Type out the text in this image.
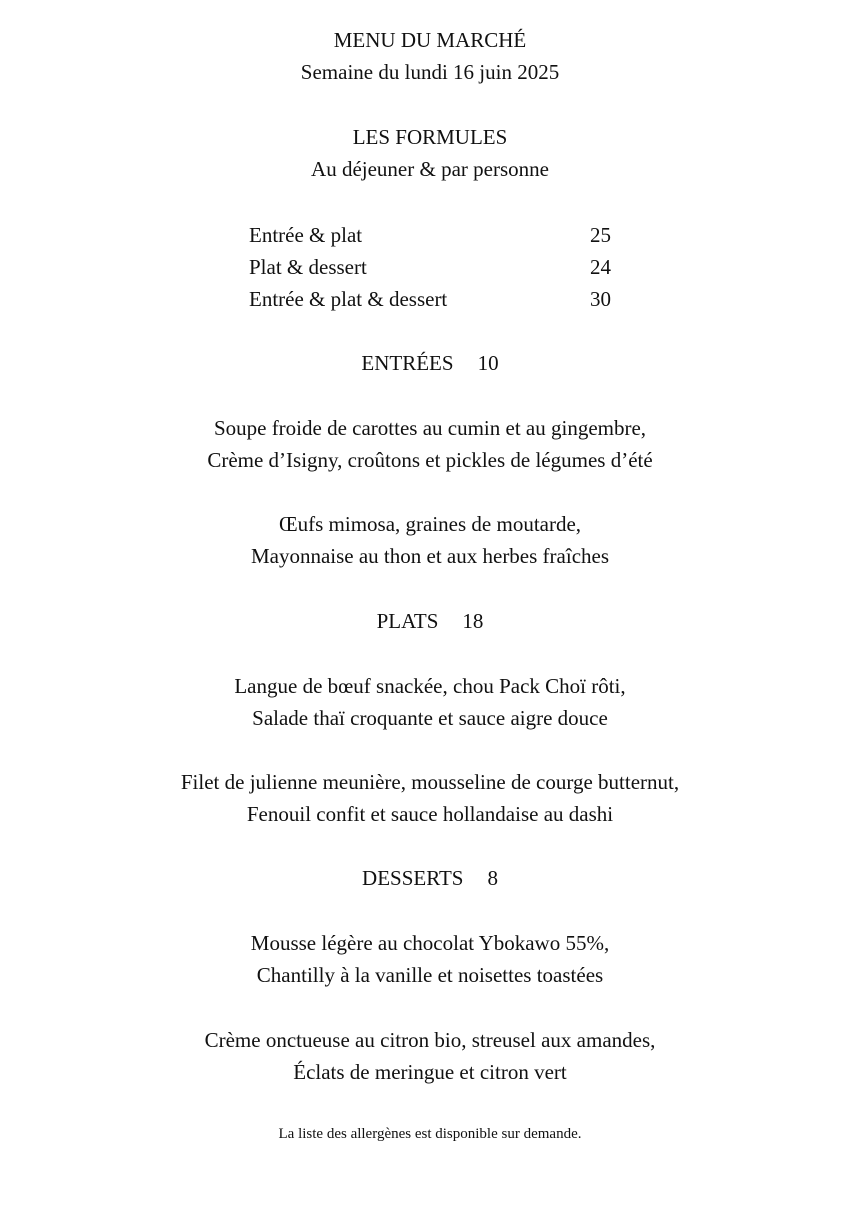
MENU DU MARCHÉ
Semaine du lundi 16 juin 2025
LES FORMULES
Au déjeuner & par personne
Entrée & plat	25
Plat & dessert	24
Entrée & plat & dessert	30
ENTRÉES 10
Soupe froide de carottes au cumin et au gingembre,
Crème d’Isigny, croûtons et pickles de légumes d’été
Œufs mimosa, graines de moutarde,
Mayonnaise au thon et aux herbes fraîches
PLATS 18
Langue de bœuf snackée, chou Pack Choï rôti,
Salade thaï croquante et sauce aigre douce
Filet de julienne meunière, mousseline de courge butternut,
Fenouil confit et sauce hollandaise au dashi
DESSERTS 8
Mousse légère au chocolat Ybokawo 55%,
Chantilly à la vanille et noisettes toastées
Crème onctueuse au citron bio, streusel aux amandes,
Éclats de meringue et citron vert
La liste des allergènes est disponible sur demande.
